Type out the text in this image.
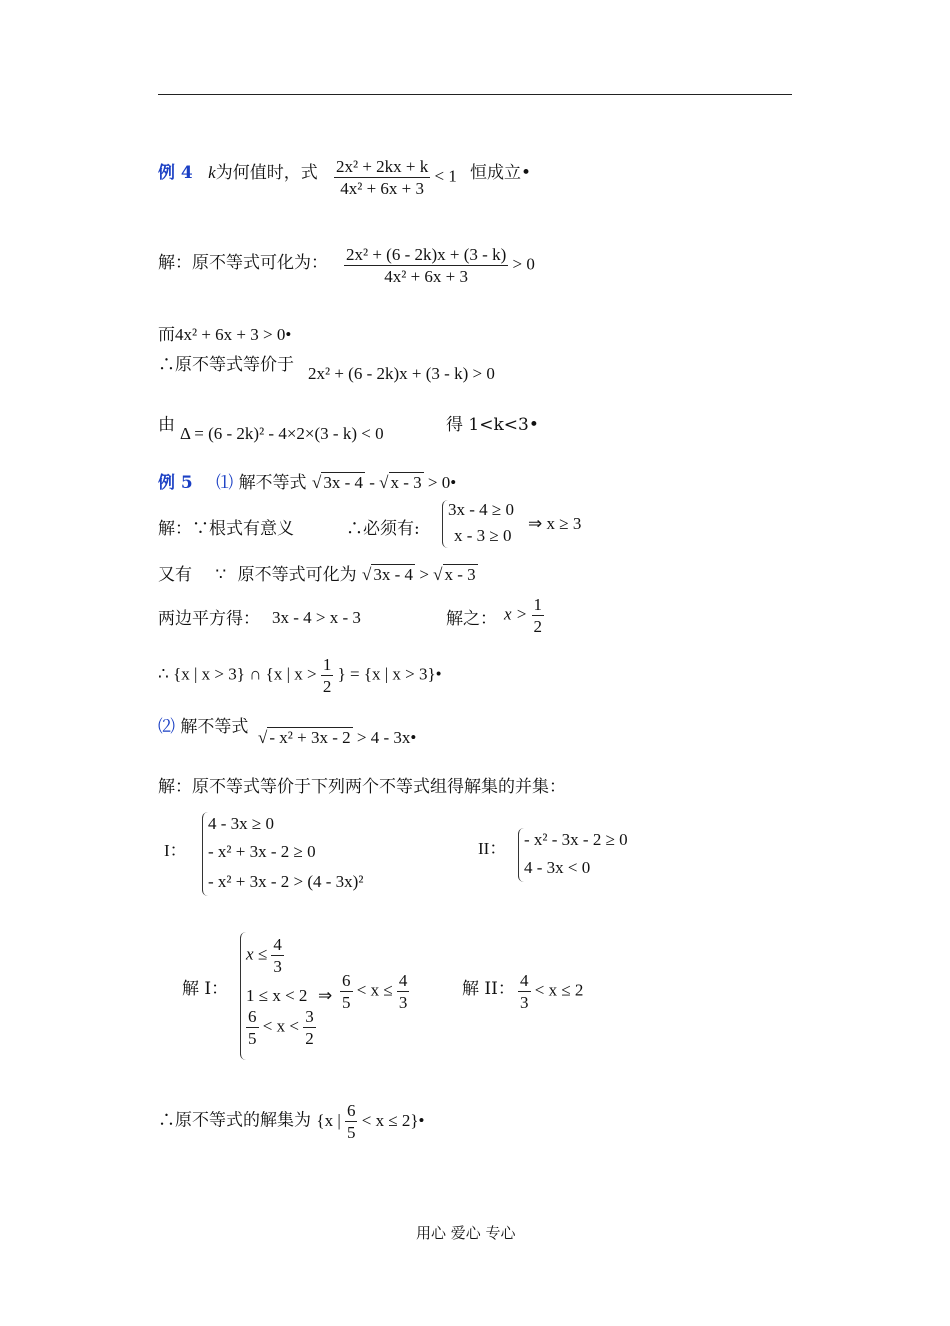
例 4 k为何值时，式 $\frac{\text{2x² + 2kx + k}}{\text{4x² + 6x + 3}} < 1$ 恒成立•
解：原不等式可化为： $\frac{\text{2x² + (6 - 2k)x + (3 - k)}}{\text{4x² + 6x + 3}} > 0$
而4x² + 6x + 3 > 0•
∴原不等式等价于 2x² + (6 - 2k)x + (3 - k) > 0
由 Δ = (6 - 2k)² - 4×2×(3 - k) < 0	得 1<k<3•
例 5 ⑴ 解不等式 √ 3x - 4 - √ x - 3 > 0•
解：∵根式有意义	∴必须有:
3x - 4 ≥ 0
x - 3 ≥ 0
⇒ x ≥ 3
又有 ∵ 原不等式可化为 √ 3x - 4 > √ x - 3
两边平方得： 3x - 4 > x - 3	解之： $x > \frac{1}{2}$
∴ {x | x > 3} ∩ {x | $x > \frac{1}{2}$ } = {x | x > 3}•
⑵ 解不等式
√ - x² + 3x - 2 > 4 - 3x•
解：原不等式等价于下列两个不等式组得解集的并集：
I：
4 - 3x ≥ 0
- x² + 3x - 2 ≥ 0
- x² + 3x - 2 > (4 - 3x)²
II： - x² - 3x - 2 ≥ 0
4 - 3x < 0
解 I：
$x \le \frac{4}{3}$
1 ≤ x < 2
$\frac{6}{5} < x < \frac{3}{2}$
⇒ $\frac{6}{5} < x \le \frac{4}{3}$	解 II： $\frac{4}{3} < x \le 2$
∴原不等式的解集为 {x | $\frac{6}{5} < x$ ≤ 2}•
用心 爱心 专心
